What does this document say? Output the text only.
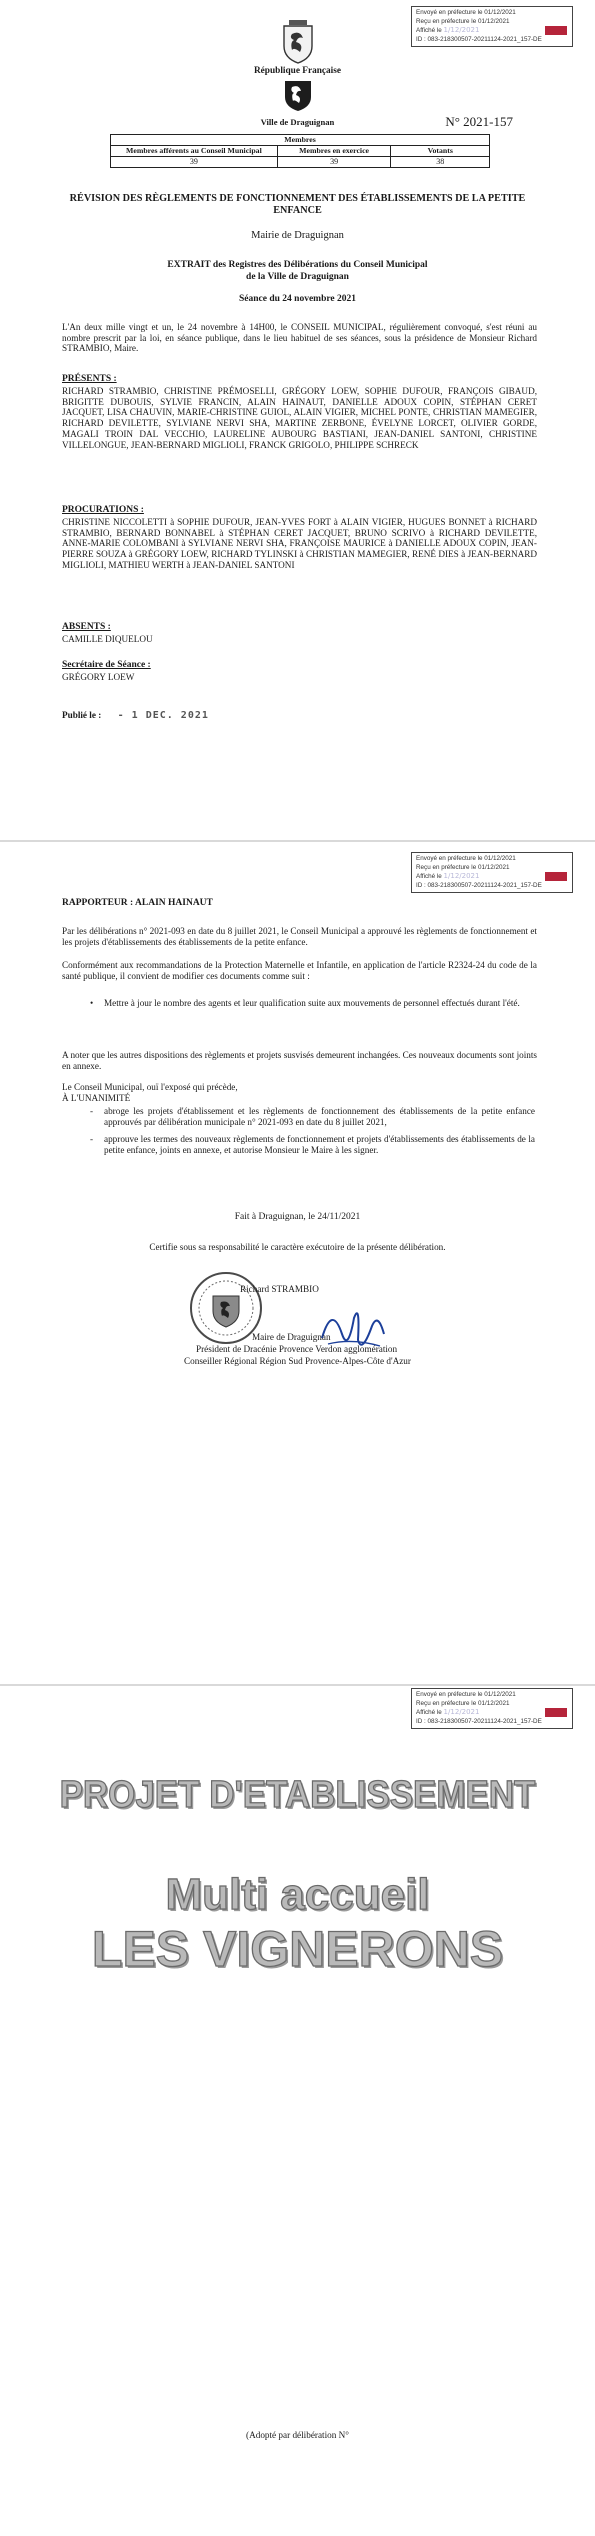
Envoyé en préfecture le 01/12/2021
Reçu en préfecture le 01/12/2021
Affiché le 1/12/2021
ID : 083-218300507-20211124-2021_157-DE
République Française
Ville de Draguignan	N° 2021-157
Membres		
Membres afférents au Conseil Municipal	Membres en exercice	Votants
39	39	38
RÉVISION DES RÈGLEMENTS DE FONCTIONNEMENT DES ÉTABLISSEMENTS DE LA PETITE ENFANCE
Mairie de Draguignan
EXTRAIT des Registres des Délibérations du Conseil Municipal
de la Ville de Draguignan
Séance du 24 novembre 2021
L'An deux mille vingt et un, le 24 novembre à 14H00, le CONSEIL MUNICIPAL, régulièrement convoqué, s'est réuni au nombre prescrit par la loi, en séance publique, dans le lieu habituel de ses séances, sous la présidence de Monsieur Richard STRAMBIO, Maire.
PRÉSENTS :
RICHARD STRAMBIO, CHRISTINE PRÉMOSELLI, GRÉGORY LOEW, SOPHIE DUFOUR, FRANÇOIS GIBAUD, BRIGITTE DUBOUIS, SYLVIE FRANCIN, ALAIN HAINAUT, DANIELLE ADOUX COPIN, STÉPHAN CERET JACQUET, LISA CHAUVIN, MARIE-CHRISTINE GUIOL, ALAIN VIGIER, MICHEL PONTE, CHRISTIAN MAMEGIER, RICHARD DEVILETTE, SYLVIANE NERVI SHA, MARTINE ZERBONE, ÉVELYNE LORCET, OLIVIER GORDE, MAGALI TROIN DAL VECCHIO, LAURELINE AUBOURG BASTIANI, JEAN-DANIEL SANTONI, CHRISTINE VILLELONGUE, JEAN-BERNARD MIGLIOLI, FRANCK GRIGOLO, PHILIPPE SCHRECK
PROCURATIONS :
CHRISTINE NICCOLETTI à SOPHIE DUFOUR, JEAN-YVES FORT à ALAIN VIGIER, HUGUES BONNET à RICHARD STRAMBIO, BERNARD BONNABEL à STÉPHAN CERET JACQUET, BRUNO SCRIVO à RICHARD DEVILETTE, ANNE-MARIE COLOMBANI à SYLVIANE NERVI SHA, FRANÇOISE MAURICE à DANIELLE ADOUX COPIN, JEAN-PIERRE SOUZA à GRÉGORY LOEW, RICHARD TYLINSKI à CHRISTIAN MAMEGIER, RENÉ DIES à JEAN-BERNARD MIGLIOLI, MATHIEU WERTH à JEAN-DANIEL SANTONI
ABSENTS :
CAMILLE DIQUELOU
Secrétaire de Séance :
GRÉGORY LOEW
Publié le : - 1 DEC. 2021
Envoyé en préfecture le 01/12/2021
Reçu en préfecture le 01/12/2021
Affiché le 1/12/2021
ID : 083-218300507-20211124-2021_157-DE
RAPPORTEUR : ALAIN HAINAUT
Par les délibérations n° 2021-093 en date du 8 juillet 2021, le Conseil Municipal a approuvé les règlements de fonctionnement et les projets d'établissements des établissements de la petite enfance.
Conformément aux recommandations de la Protection Maternelle et Infantile, en application de l'article R2324-24 du code de la santé publique, il convient de modifier ces documents comme suit :
• Mettre à jour le nombre des agents et leur qualification suite aux mouvements de personnel effectués durant l'été.
A noter que les autres dispositions des règlements et projets susvisés demeurent inchangées. Ces nouveaux documents sont joints en annexe.
Le Conseil Municipal, ouï l'exposé qui précède,
À L'UNANIMITÉ
- abroge les projets d'établissement et les règlements de fonctionnement des établissements de la petite enfance approuvés par délibération municipale n° 2021-093 en date du 8 juillet 2021,
- approuve les termes des nouveaux règlements de fonctionnement et projets d'établissements des établissements de la petite enfance, joints en annexe, et autorise Monsieur le Maire à les signer.
Fait à Draguignan, le 24/11/2021
Certifie sous sa responsabilité le caractère exécutoire de la présente délibération.
Richard STRAMBIO
Maire de Draguignan
Président de Dracénie Provence Verdon agglomération
Conseiller Régional Région Sud Provence-Alpes-Côte d'Azur
Envoyé en préfecture le 01/12/2021
Reçu en préfecture le 01/12/2021
Affiché le 1/12/2021
ID : 083-218300507-20211124-2021_157-DE
PROJET D'ETABLISSEMENT
Multi accueil
LES VIGNERONS
(Adopté par délibération N°
